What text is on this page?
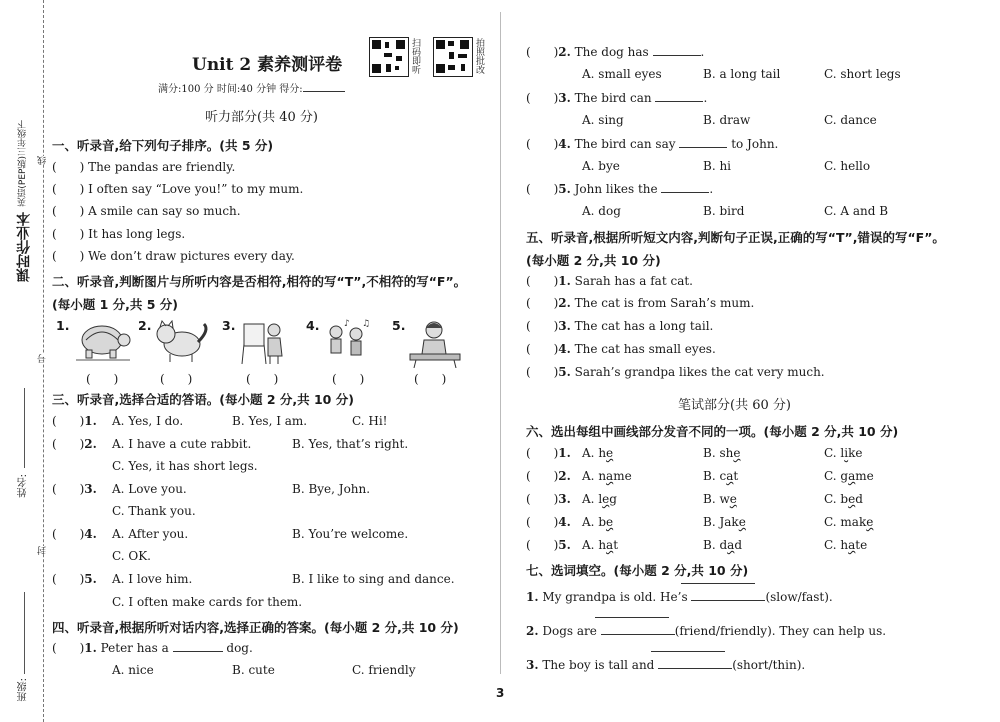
课时作业本
英语(PEP版)三年级下 线
号
封
姓名:
班级:
Unit 2 素养测评卷	扫码即听	拍照批改
满分:100 分 时间:40 分钟 得分:
听力部分(共 40 分)
一、听录音,给下列句子排序。(共 5 分)
(      ) The pandas are friendly.
(      ) I often say “Love you!” to my mum.
(      ) A smile can say so much.
(      ) It has long legs.
(      ) We don’t draw pictures every day.
二、听录音,判断图片与所听内容是否相符,相符的写“T”,不相符的写“F”。
(每小题 1 分,共 5 分)
1.
(      )
2.
(      )
3.
(      )
4.	♪ ♫
(      )
5.
(      )
三、听录音,选择合适的答语。(每小题 2 分,共 10 分)
(      )1. A. Yes, I do.	B. Yes, I am.	C. Hi!
(      )2. A. I have a cute rabbit.	B. Yes, that’s right.
C. Yes, it has short legs.
(      )3. A. Love you.	B. Bye, John.
C. Thank you.
(      )4. A. After you.	B. You’re welcome.
C. OK.
(      )5. A. I love him.	B. I like to sing and dance.
C. I often make cards for them.
四、听录音,根据所听对话内容,选择正确的答案。(每小题 2 分,共 10 分)
(      )1. Peter has a	dog.
A. nice	B. cute	C. friendly
(      )2. The dog has	.
A. small eyes	B. a long tail	C. short legs
(      )3. The bird can	.
A. sing	B. draw	C. dance
(      )4. The bird can say	to John.
A. bye	B. hi	C. hello
(      )5. John likes the	.
A. dog	B. bird	C. A and B
五、听录音,根据所听短文内容,判断句子正误,正确的写“T”,错误的写“F”。
(每小题 2 分,共 10 分)
(      )1. Sarah has a fat cat.
(      )2. The cat is from Sarah’s mum.
(      )3. The cat has a long tail.
(      )4. The cat has small eyes.
(      )5. Sarah’s grandpa likes the cat very much.
笔试部分(共 60 分)
六、选出每组中画线部分发音不同的一项。(每小题 2 分,共 10 分)
(      )1. A. he	B. she	C. like
(      )2. A. name	B. cat	C. game
(      )3. A. leg	B. we	C. bed
(      )4. A. be	B. Jake	C. make
(      )5. A. hat	B. dad	C. hate
七、选词填空。(每小题 2 分,共 10 分)
1. My grandpa is old. He’s	(slow/fast).
2. Dogs are	(friend/friendly). They can help us.
3. The boy is tall and	(short/thin).
3
